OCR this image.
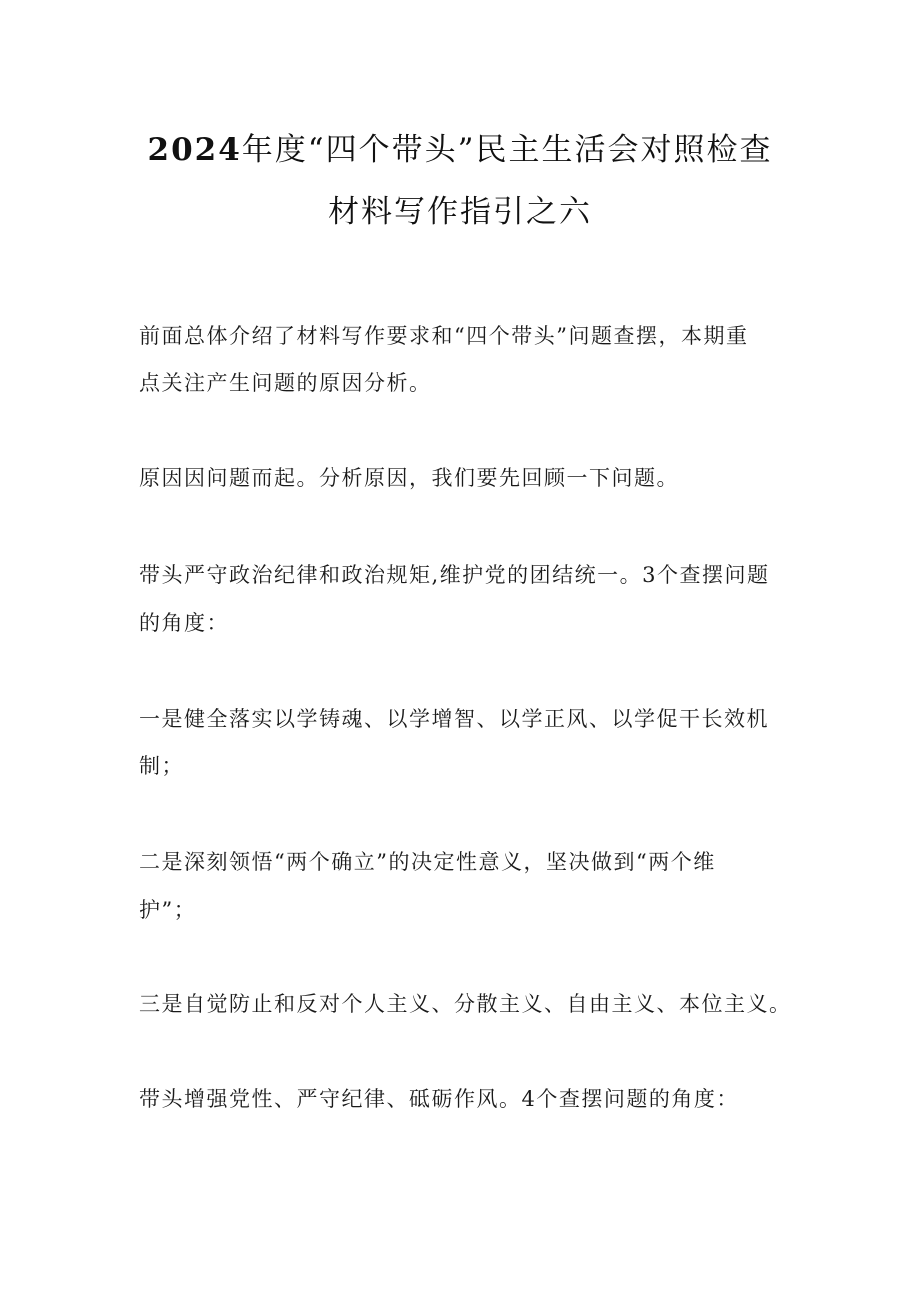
2024年度“四个带头”民主生活会对照检查
材料写作指引之六
前面总体介绍了材料写作要求和“四个带头”问题查摆，本期重
点关注产生问题的原因分析。
原因因问题而起。分析原因，我们要先回顾一下问题。
带头严守政治纪律和政治规矩,维护党的团结统一。3个查摆问题
的角度：
一是健全落实以学铸魂、以学增智、以学正风、以学促干长效机
制；
二是深刻领悟“两个确立”的决定性意义，坚决做到“两个维
护”；
三是自觉防止和反对个人主义、分散主义、自由主义、本位主义。
带头增强党性、严守纪律、砥砺作风。4个查摆问题的角度：
